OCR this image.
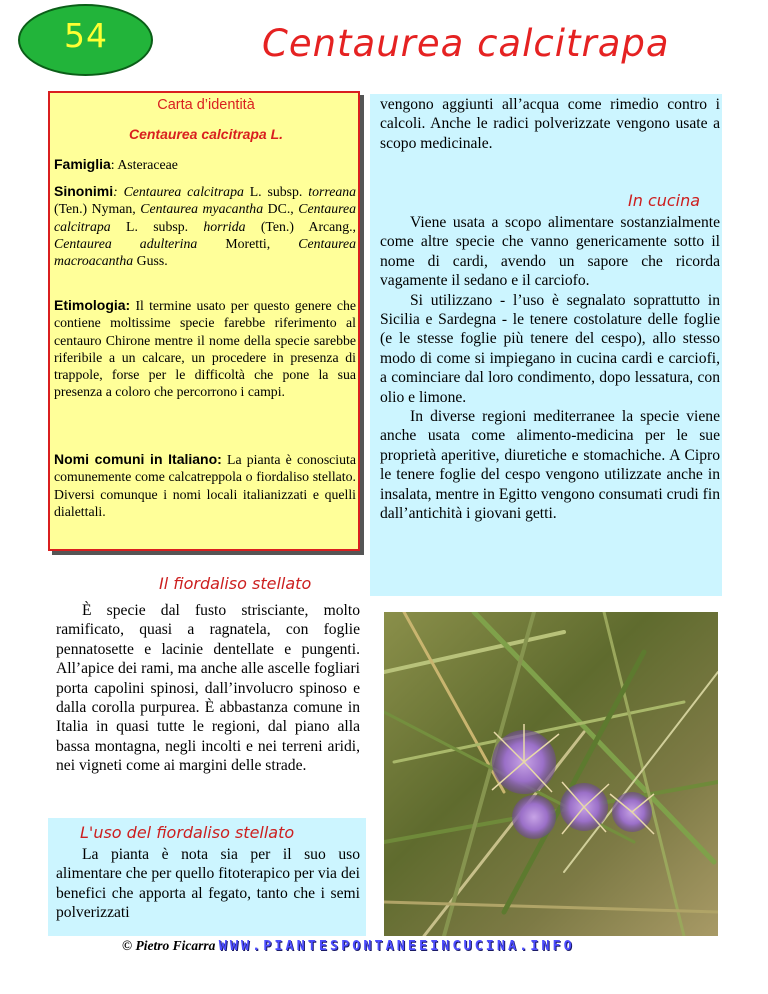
54	Centaurea calcitrapa
Carta d’identità
Centaurea calcitrapa L.
Famiglia: Asteraceae
Sinonimi: Centaurea calcitrapa L. subsp. torreana (Ten.) Nyman, Centaurea myacantha DC., Centaurea calcitrapa L. subsp. horrida (Ten.) Arcang., Centaurea adulterina Moretti, Centaurea macroacantha Guss.
Etimologia: Il termine usato per questo genere che contiene moltissime specie farebbe riferimento al centauro Chirone mentre il nome della specie sarebbe riferibile a un calcare, un procedere in presenza di trappole, forse per le difficoltà che pone la sua presenza a coloro che percorrono i campi.
Nomi comuni in Italiano: La pianta è conosciuta comunemente come calcatreppola o fiordaliso stellato. Diversi comunque i nomi locali italianizzati e quelli dialettali.
vengono aggiunti all’acqua come rimedio contro i calcoli. Anche le radici polverizzate vengono usate a scopo medicinale.
In cucina
Viene usata a scopo alimentare sostanzialmente come altre specie che vanno genericamente sotto il nome di cardi, avendo un sapore che ricorda vagamente il sedano e il carciofo.
Si utilizzano - l’uso è segnalato soprattutto in Sicilia e Sardegna - le tenere costolature delle foglie (e le stesse foglie più tenere del cespo), allo stesso modo di come si impiegano in cucina cardi e carciofi, a cominciare dal loro condimento, dopo lessatura, con olio e limone.
In diverse regioni mediterranee la specie viene anche usata come alimento-medicina per le sue proprietà aperitive, diuretiche e stomachiche. A Cipro le tenere foglie del cespo vengono utilizzate anche in insalata, mentre in Egitto vengono consumati crudi fin dall’antichità i giovani getti.
Il fiordaliso stellato
È specie dal fusto strisciante, molto ramificato, quasi a ragnatela, con foglie pennatosette e lacinie dentellate e pungenti. All’apice dei rami, ma anche alle ascelle fogliari porta capolini spinosi, dall’involucro spinoso e dalla corolla purpurea. È abbastanza comune in Italia in quasi tutte le regioni, dal piano alla bassa montagna, negli incolti e nei terreni aridi, nei vigneti come ai margini delle strade.
L'uso del fiordaliso stellato
La pianta è nota sia per il suo uso alimentare che per quello fitoterapico per via dei benefici che apporta al fegato, tanto che i semi polverizzati
© Pietro Ficarra WWW.PIANTESPONTANEEINCUCINA.INFO
